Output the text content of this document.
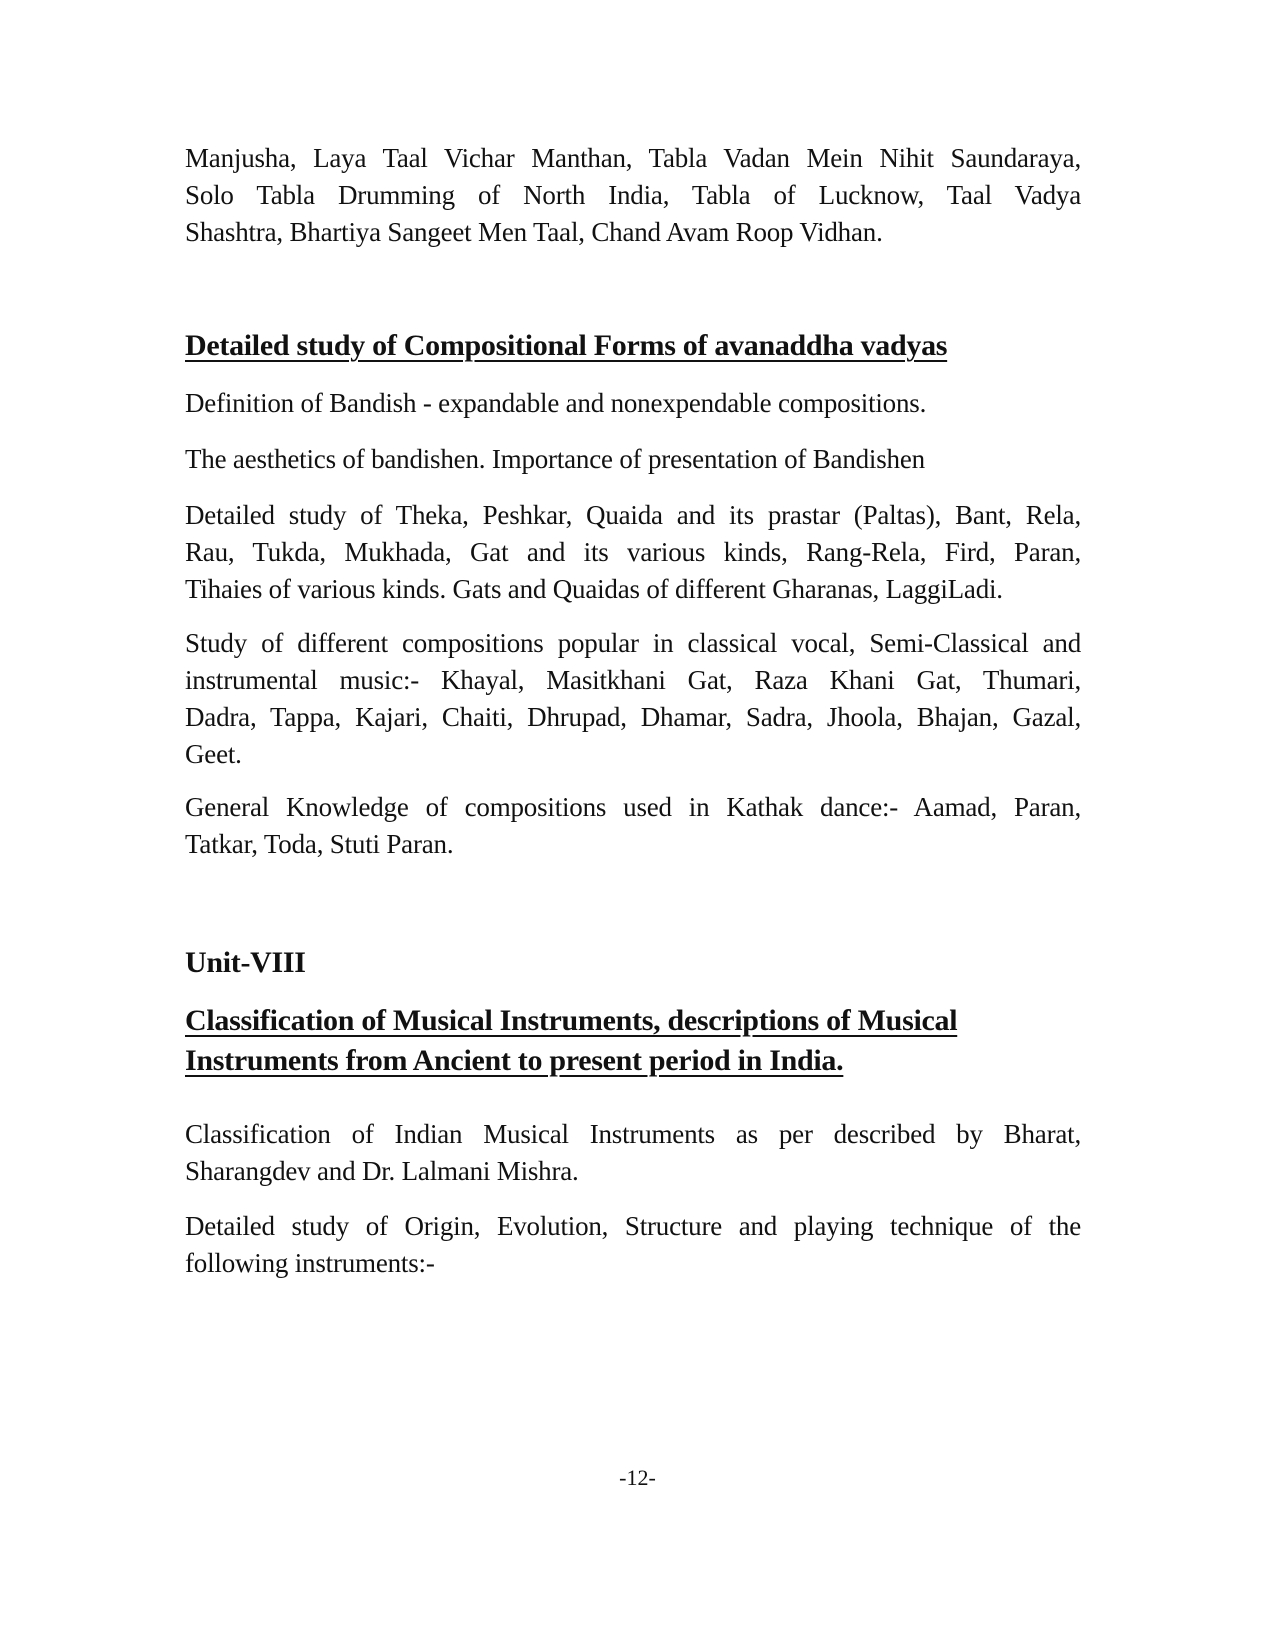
Manjusha, Laya Taal Vichar Manthan, Tabla Vadan Mein Nihit Saundaraya,
Solo Tabla Drumming of North India, Tabla of Lucknow, Taal Vadya
Shashtra, Bhartiya Sangeet Men Taal, Chand Avam Roop Vidhan.
Detailed study of Compositional Forms of avanaddha vadyas
Definition of Bandish - expandable and nonexpendable compositions.
The aesthetics of bandishen. Importance of presentation of Bandishen
Detailed study of Theka, Peshkar, Quaida and its prastar (Paltas), Bant, Rela,
Rau, Tukda, Mukhada, Gat and its various kinds, Rang-Rela, Fird, Paran,
Tihaies of various kinds. Gats and Quaidas of different Gharanas, LaggiLadi.
Study of different compositions popular in classical vocal, Semi-Classical and
instrumental music:- Khayal, Masitkhani Gat, Raza Khani Gat, Thumari,
Dadra, Tappa, Kajari, Chaiti, Dhrupad, Dhamar, Sadra, Jhoola, Bhajan, Gazal,
Geet.
General Knowledge of compositions used in Kathak dance:- Aamad, Paran,
Tatkar, Toda, Stuti Paran.
Unit-VIII
Classification of Musical Instruments, descriptions of Musical
Instruments from Ancient to present period in India.
Classification of Indian Musical Instruments as per described by Bharat,
Sharangdev and Dr. Lalmani Mishra.
Detailed study of Origin, Evolution, Structure and playing technique of the
following instruments:-
-12-
